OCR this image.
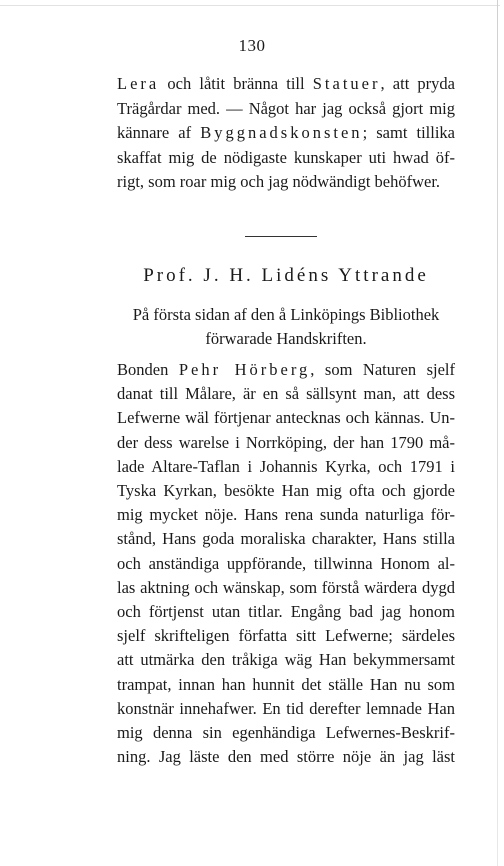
130
Lera och låtit bränna till Statuer, att pryda
Trägårdar med. — Något har jag också gjort mig
kännare af Byggnadskonsten; samt tillika
skaffat mig de nödigaste kunskaper uti hwad öf-
rigt, som roar mig och jag nödwändigt behöfwer.
Prof. J. H. Lidéns Yttrande
På första sidan af den å Linköpings Bibliothek
förwarade Handskriften.
Bonden Pehr Hörberg, som Naturen sjelf
danat till Målare, är en så sällsynt man, att dess
Lefwerne wäl förtjenar antecknas och kännas. Un-
der dess warelse i Norrköping, der han 1790 må-
lade Altare-Taflan i Johannis Kyrka, och 1791 i
Tyska Kyrkan, besökte Han mig ofta och gjorde
mig mycket nöje. Hans rena sunda naturliga för-
stånd, Hans goda moraliska charakter, Hans stilla
och anständiga uppförande, tillwinna Honom al-
las aktning och wänskap, som förstå wärdera dygd
och förtjenst utan titlar. Engång bad jag honom
sjelf skrifteligen författa sitt Lefwerne; särdeles
att utmärka den tråkiga wäg Han bekymmersamt
trampat, innan han hunnit det ställe Han nu som
konstnär innehafwer. En tid derefter lemnade Han
mig denna sin egenhändiga Lefwernes-Beskrif-
ning. Jag läste den med större nöje än jag läst
